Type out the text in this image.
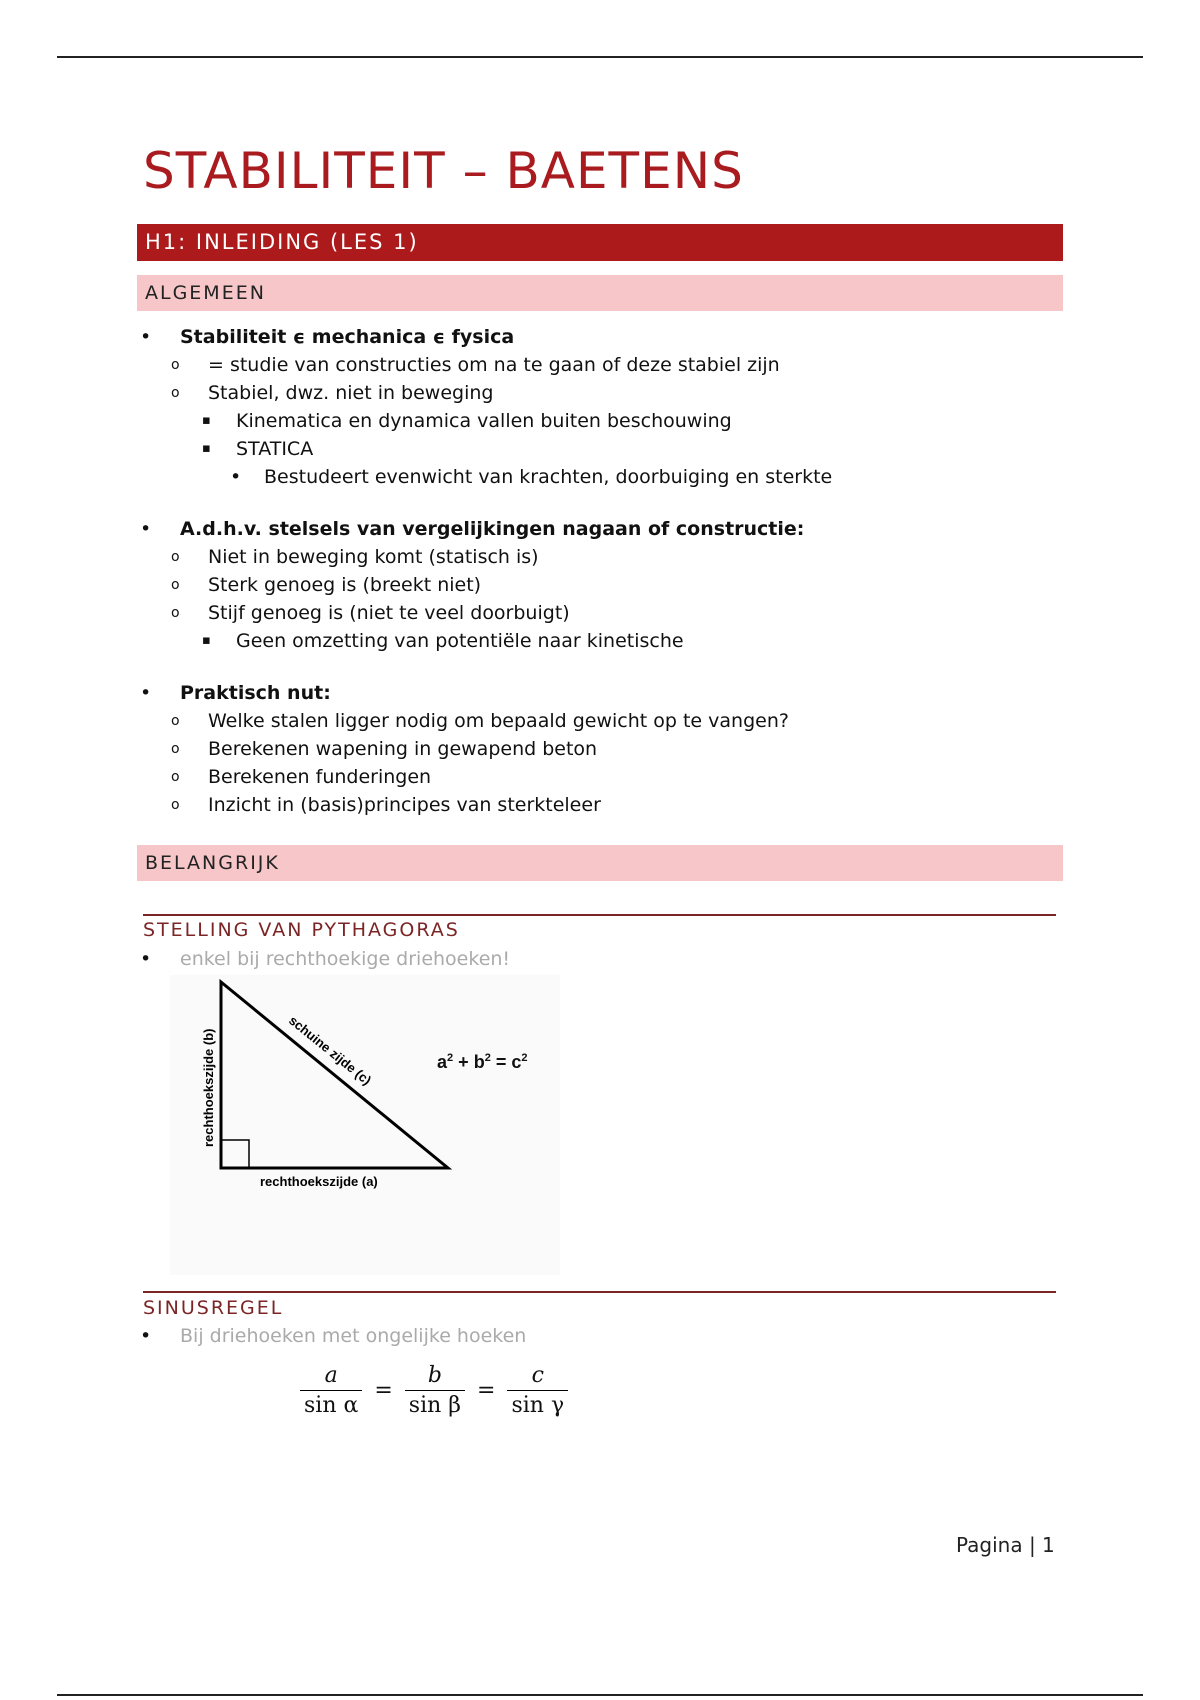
STABILITEIT – BAETENS
H1: INLEIDING (LES 1)
ALGEMEEN
• Stabiliteit ϵ mechanica ϵ fysica
o = studie van constructies om na te gaan of deze stabiel zijn
o Stabiel, dwz. niet in beweging
▪ Kinematica en dynamica vallen buiten beschouwing
▪ STATICA
• Bestudeert evenwicht van krachten, doorbuiging en sterkte
• A.d.h.v. stelsels van vergelijkingen nagaan of constructie:
o Niet in beweging komt (statisch is)
o Sterk genoeg is (breekt niet)
o Stijf genoeg is (niet te veel doorbuigt)
▪ Geen omzetting van potentiële naar kinetische
• Praktisch nut:
o Welke stalen ligger nodig om bepaald gewicht op te vangen?
o Berekenen wapening in gewapend beton
o Berekenen funderingen
o Inzicht in (basis)principes van sterkteleer
BELANGRIJK
STELLING VAN PYTHAGORAS
• enkel bij rechthoekige driehoeken!
rechthoekszijde (a)
rechthoekszijde (b)	schuine zijde (c)	$a^2 + b^2 = c^2$
SINUSREGEL
• Bij driehoeken met ongelijke hoeken
$\frac{a}{\text{sin α}} = \frac{b}{\text{sin β}} = \frac{c}{\text{sin γ}}$
Pagina | 1
